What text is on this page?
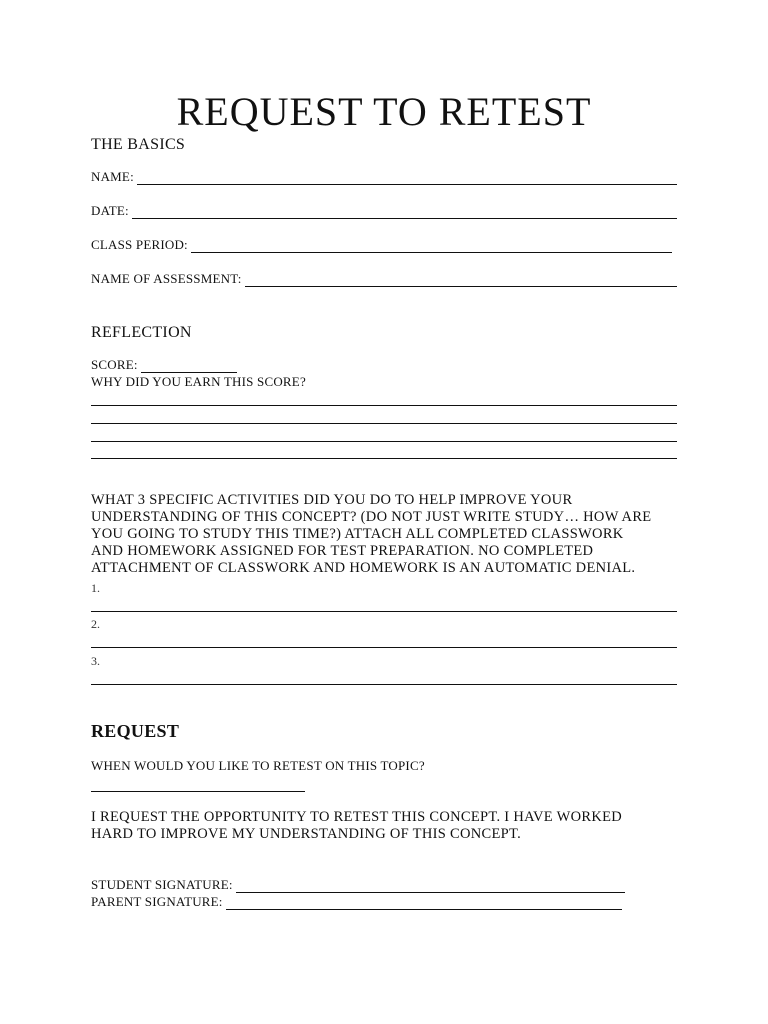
REQUEST TO RETEST
THE BASICS
NAME:
DATE:
CLASS PERIOD:
NAME OF ASSESSMENT:
REFLECTION
SCORE:
WHY DID YOU EARN THIS SCORE?
WHAT 3 SPECIFIC ACTIVITIES DID YOU DO TO HELP IMPROVE YOUR
UNDERSTANDING OF THIS CONCEPT? (DO NOT JUST WRITE STUDY… HOW ARE
YOU GOING TO STUDY THIS TIME?) ATTACH ALL COMPLETED CLASSWORK
AND HOMEWORK ASSIGNED FOR TEST PREPARATION. NO COMPLETED
ATTACHMENT OF CLASSWORK AND HOMEWORK IS AN AUTOMATIC DENIAL.
1.
2.
3.
REQUEST
WHEN WOULD YOU LIKE TO RETEST ON THIS TOPIC?
I REQUEST THE OPPORTUNITY TO RETEST THIS CONCEPT. I HAVE WORKED
HARD TO IMPROVE MY UNDERSTANDING OF THIS CONCEPT.
STUDENT SIGNATURE:
PARENT SIGNATURE:
